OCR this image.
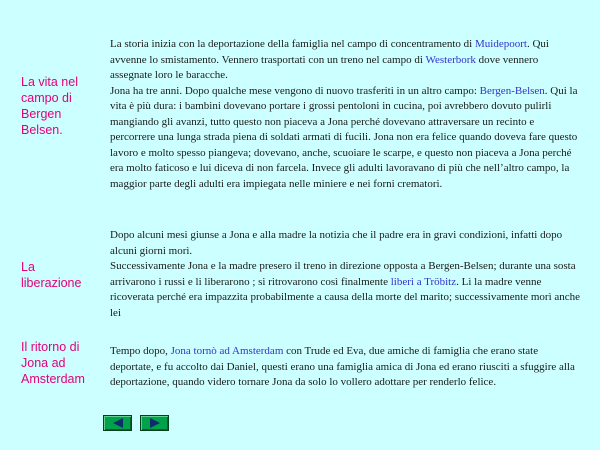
La vita nel campo di Bergen Belsen.
La storia inizia con la deportazione della famiglia nel campo di concentramento di Muidepoort. Qui avvenne lo smistamento. Vennero trasportati con un treno nel campo di Westerbork dove vennero assegnate loro le baracche.
Jona ha tre anni. Dopo qualche mese vengono di nuovo trasferiti in un altro campo: Bergen-Belsen. Qui la vita è più dura: i bambini dovevano portare i grossi pentoloni in cucina, poi avrebbero dovuto pulirli mangiando gli avanzi, tutto questo non piaceva a Jona perché dovevano attraversare un recinto e percorrere una lunga strada piena di soldati armati di fucili. Jona non era felice quando doveva fare questo lavoro e molto spesso piangeva; dovevano, anche, scuoiare le scarpe, e questo non piaceva a Jona perché era molto faticoso e lui diceva di non farcela. Invece gli adulti lavoravano di più che nell’altro campo, la maggior parte degli adulti era impiegata nelle miniere e nei forni crematori.
La liberazione
Dopo alcuni mesi giunse a Jona e alla madre la notizia che il padre era in gravi condizioni, infatti dopo alcuni giorni morì.
Successivamente Jona e la madre presero il treno in direzione opposta a Bergen-Belsen; durante una sosta arrivarono i russi e li liberarono ; si ritrovarono così finalmente liberi a Tröbitz. Lì la madre venne ricoverata perché era impazzita probabilmente a causa della morte del marito; successivamente morì anche lei
Il ritorno di Jona ad Amsterdam
Tempo dopo, Jona tornò ad Amsterdam con Trude ed Eva, due amiche di famiglia che erano state deportate, e fu accolto dai Daniel, questi erano una famiglia amica di Jona ed erano riusciti a sfuggire alla deportazione, quando videro tornare Jona da solo lo vollero adottare per renderlo felice.
